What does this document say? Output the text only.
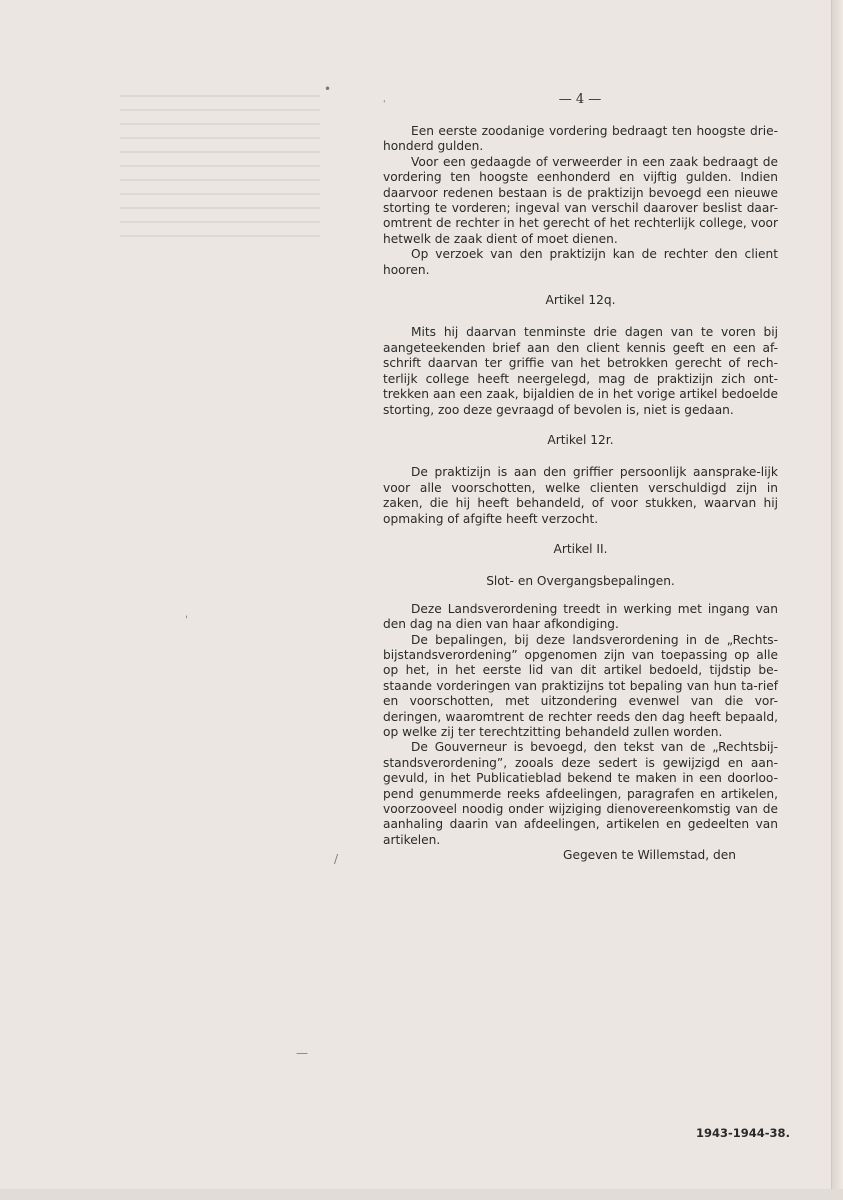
•
'
'
/
—
— 4 —

Een eerste zoodanige vordering bedraagt ten hoogste drie-honderd gulden.

Voor een gedaagde of verweerder in een zaak bedraagt de vordering ten hoogste eenhonderd en vijftig gulden. Indien daarvoor redenen bestaan is de praktizijn bevoegd een nieuwe storting te vorderen; ingeval van verschil daarover beslist daar-omtrent de rechter in het gerecht of het rechterlijk college, voor hetwelk de zaak dient of moet dienen.

Op verzoek van den praktizijn kan de rechter den client hooren.

Artikel 12q.

Mits hij daarvan tenminste drie dagen van te voren bij aangeteekenden brief aan den client kennis geeft en een af-schrift daarvan ter griffie van het betrokken gerecht of rech-terlijk college heeft neergelegd, mag de praktizijn zich ont-trekken aan een zaak, bijaldien de in het vorige artikel bedoelde storting, zoo deze gevraagd of bevolen is, niet is gedaan.

Artikel 12r.

De praktizijn is aan den griffier persoonlijk aansprake-lijk voor alle voorschotten, welke clienten verschuldigd zijn in zaken, die hij heeft behandeld, of voor stukken, waarvan hij opmaking of afgifte heeft verzocht.

Artikel II.

Slot- en Overgangsbepalingen.

Deze Landsverordening treedt in werking met ingang van den dag na dien van haar afkondiging.

De bepalingen, bij deze landsverordening in de „Rechts-bijstandsverordening” opgenomen zijn van toepassing op alle op het, in het eerste lid van dit artikel bedoeld, tijdstip be-staande vorderingen van praktizijns tot bepaling van hun ta-rief en voorschotten, met uitzondering evenwel van die vor-deringen, waaromtrent de rechter reeds den dag heeft bepaald, op welke zij ter terechtzitting behandeld zullen worden.

De Gouverneur is bevoegd, den tekst van de „Rechtsbij-standsverordening”, zooals deze sedert is gewijzigd en aan-gevuld, in het Publicatieblad bekend te maken in een doorloo-pend genummerde reeks afdeelingen, paragrafen en artikelen, voorzooveel noodig onder wijziging dienovereenkomstig van de aanhaling daarin van afdeelingen, artikelen en gedeelten van artikelen.

Gegeven te Willemstad, den

1943-1944-38.
